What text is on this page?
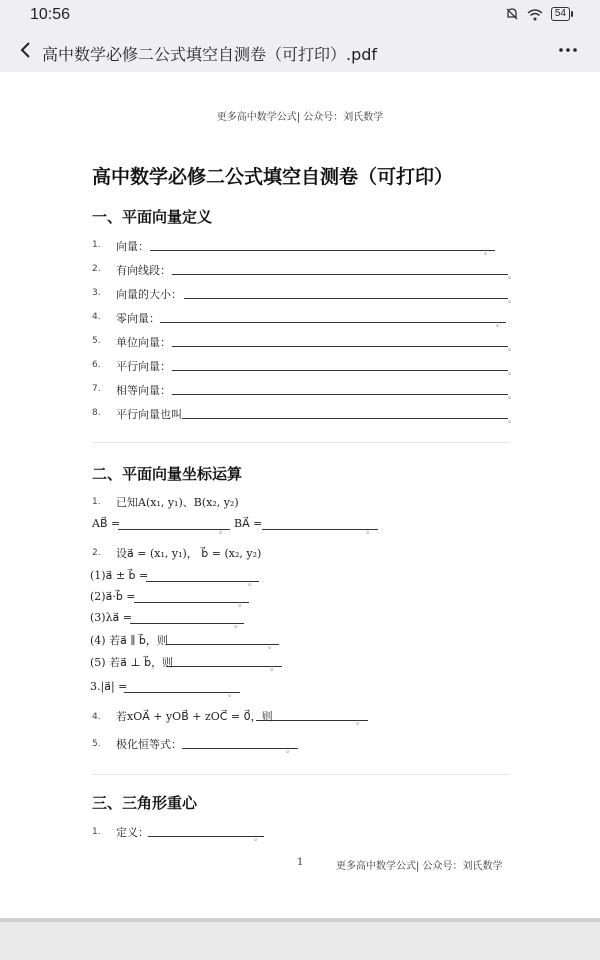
10:56	54
高中数学必修二公式填空自测卷（可打印）.pdf
更多高中数学公式| 公众号：刘氏数学
高中数学必修二公式填空自测卷（可打印）
一、平面向量定义
1.	向量：	。
2.	有向线段：	。
3.	向量的大小：	。
4.	零向量：	。
5.	单位向量：	。
6.	平行向量：	。
7.	相等向量：	。
8.	平行向量也叫	。
二、平面向量坐标运算
1. 已知A(x₁, y₁)、B(x₂, y₂)
AB⃗ =
。
BA⃗ =
。
2. 设a⃗ = (x₁, y₁)， b⃗ = (x₂, y₂)
(1)a⃗ ± b⃗ =
。
(2)a⃗·b⃗ =
。
(3)λa⃗ =
。
(4) 若a⃗ ∥ b⃗，则	。
(5) 若a⃗ ⊥ b⃗，则	。
3.|a⃗| =
。
4. 若xOA⃗ + yOB⃗ + zOC⃗ = 0⃗，则	。
5. 极化恒等式：	。
三、三角形重心
1. 定义：	。
1	更多高中数学公式| 公众号：刘氏数学
